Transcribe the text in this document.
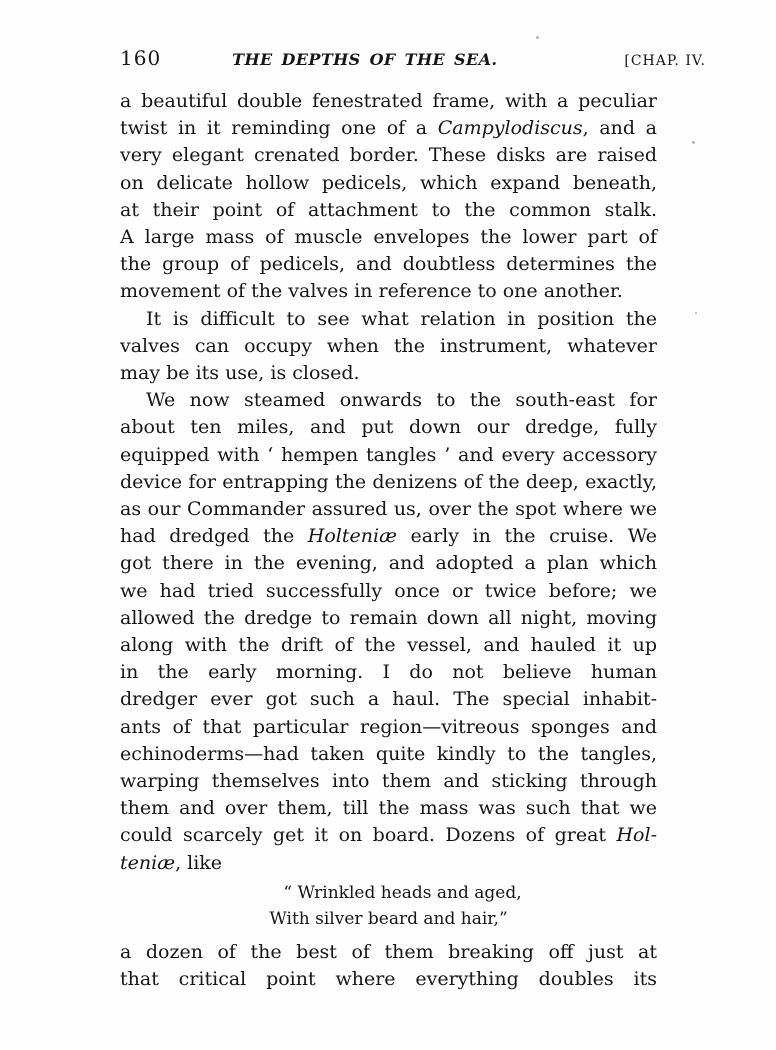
160	THE DEPTHS OF THE SEA.	[CHAP. IV.
a beautiful double fenestrated frame, with a peculiar
twist in it reminding one of a Campylodiscus, and a
very elegant crenated border. These disks are raised
on delicate hollow pedicels, which expand beneath,
at their point of attachment to the common stalk.
A large mass of muscle envelopes the lower part of
the group of pedicels, and doubtless determines the
movement of the valves in reference to one another.
It is difficult to see what relation in position the
valves can occupy when the instrument, whatever
may be its use, is closed.
We now steamed onwards to the south-east for
about ten miles, and put down our dredge, fully
equipped with ‘ hempen tangles ’ and every accessory
device for entrapping the denizens of the deep, exactly,
as our Commander assured us, over the spot where we
had dredged the Holteniæ early in the cruise. We
got there in the evening, and adopted a plan which
we had tried successfully once or twice before; we
allowed the dredge to remain down all night, moving
along with the drift of the vessel, and hauled it up
in the early morning. I do not believe human
dredger ever got such a haul. The special inhabit-
ants of that particular region—vitreous sponges and
echinoderms—had taken quite kindly to the tangles,
warping themselves into them and sticking through
them and over them, till the mass was such that we
could scarcely get it on board. Dozens of great Hol-
teniæ, like
“ Wrinkled heads and aged,
With silver beard and hair,”
a dozen of the best of them breaking off just at
that critical point where everything doubles its
